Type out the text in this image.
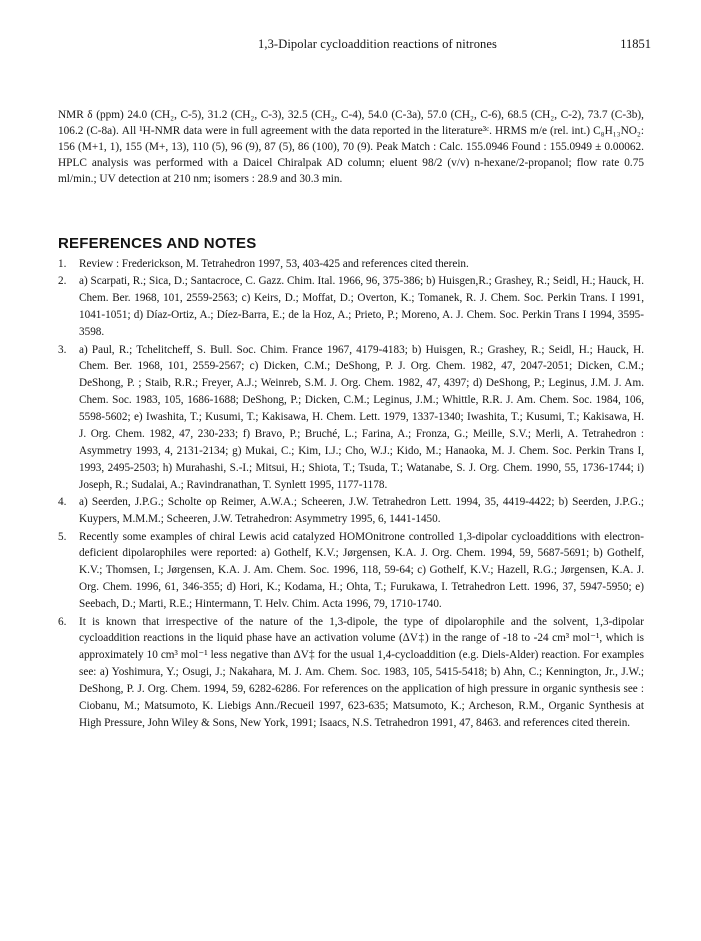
1,3-Dipolar cycloaddition reactions of nitrones	11851

NMR δ (ppm) 24.0 (CH₂, C-5), 31.2 (CH₂, C-3), 32.5 (CH₂, C-4), 54.0 (C-3a), 57.0 (CH₂, C-6), 68.5 (CH₂, C-2), 73.7 (C-3b), 106.2 (C-8a). All ¹H-NMR data were in full agreement with the data reported in the literature³ᶜ. HRMS m/e (rel. int.) C₈H₁₃NO₂: 156 (M+1, 1), 155 (M+, 13), 110 (5), 96 (9), 87 (5), 86 (100), 70 (9). Peak Match : Calc. 155.0946 Found : 155.0949 ± 0.00062. HPLC analysis was performed with a Daicel Chiralpak AD column; eluent 98/2 (v/v) n-hexane/2-propanol; flow rate 0.75 ml/min.; UV detection at 210 nm; isomers : 28.9 and 30.3 min.

REFERENCES AND NOTES
1. Review : Frederickson, M. Tetrahedron 1997, 53, 403-425 and references cited therein.
2. a) Scarpati, R.; Sica, D.; Santacroce, C. Gazz. Chim. Ital. 1966, 96, 375-386; b) Huisgen,R.; Grashey, R.; Seidl, H.; Hauck, H. Chem. Ber. 1968, 101, 2559-2563; c) Keirs, D.; Moffat, D.; Overton, K.; Tomanek, R. J. Chem. Soc. Perkin Trans. I 1991, 1041-1051; d) Díaz-Ortiz, A.; Díez-Barra, E.; de la Hoz, A.; Prieto, P.; Moreno, A. J. Chem. Soc. Perkin Trans I 1994, 3595-3598.
3. a) Paul, R.; Tchelitcheff, S. Bull. Soc. Chim. France 1967, 4179-4183; b) Huisgen, R.; Grashey, R.; Seidl, H.; Hauck, H. Chem. Ber. 1968, 101, 2559-2567; c) Dicken, C.M.; DeShong, P. J. Org. Chem. 1982, 47, 2047-2051; Dicken, C.M.; DeShong, P. ; Staib, R.R.; Freyer, A.J.; Weinreb, S.M. J. Org. Chem. 1982, 47, 4397; d) DeShong, P.; Leginus, J.M. J. Am. Chem. Soc. 1983, 105, 1686-1688; DeShong, P.; Dicken, C.M.; Leginus, J.M.; Whittle, R.R. J. Am. Chem. Soc. 1984, 106, 5598-5602; e) Iwashita, T.; Kusumi, T.; Kakisawa, H. Chem. Lett. 1979, 1337-1340; Iwashita, T.; Kusumi, T.; Kakisawa, H. J. Org. Chem. 1982, 47, 230-233; f) Bravo, P.; Bruché, L.; Farina, A.; Fronza, G.; Meille, S.V.; Merli, A. Tetrahedron : Asymmetry 1993, 4, 2131-2134; g) Mukai, C.; Kim, I.J.; Cho, W.J.; Kido, M.; Hanaoka, M. J. Chem. Soc. Perkin Trans I, 1993, 2495-2503; h) Murahashi, S.-I.; Mitsui, H.; Shiota, T.; Tsuda, T.; Watanabe, S. J. Org. Chem. 1990, 55, 1736-1744; i) Joseph, R.; Sudalai, A.; Ravindranathan, T. Synlett 1995, 1177-1178.
4. a) Seerden, J.P.G.; Scholte op Reimer, A.W.A.; Scheeren, J.W. Tetrahedron Lett. 1994, 35, 4419-4422; b) Seerden, J.P.G.; Kuypers, M.M.M.; Scheeren, J.W. Tetrahedron: Asymmetry 1995, 6, 1441-1450.
5. Recently some examples of chiral Lewis acid catalyzed HOMOnitrone controlled 1,3-dipolar cycloadditions with electron-deficient dipolarophiles were reported: a) Gothelf, K.V.; Jørgensen, K.A. J. Org. Chem. 1994, 59, 5687-5691; b) Gothelf, K.V.; Thomsen, I.; Jørgensen, K.A. J. Am. Chem. Soc. 1996, 118, 59-64; c) Gothelf, K.V.; Hazell, R.G.; Jørgensen, K.A. J. Org. Chem. 1996, 61, 346-355; d) Hori, K.; Kodama, H.; Ohta, T.; Furukawa, I. Tetrahedron Lett. 1996, 37, 5947-5950; e) Seebach, D.; Marti, R.E.; Hintermann, T. Helv. Chim. Acta 1996, 79, 1710-1740.
6. It is known that irrespective of the nature of the 1,3-dipole, the type of dipolarophile and the solvent, 1,3-dipolar cycloaddition reactions in the liquid phase have an activation volume (ΔV‡) in the range of -18 to -24 cm³ mol⁻¹, which is approximately 10 cm³ mol⁻¹ less negative than ΔV‡ for the usual 1,4-cycloaddition (e.g. Diels-Alder) reaction. For examples see: a) Yoshimura, Y.; Osugi, J.; Nakahara, M. J. Am. Chem. Soc. 1983, 105, 5415-5418; b) Ahn, C.; Kennington, Jr., J.W.; DeShong, P. J. Org. Chem. 1994, 59, 6282-6286. For references on the application of high pressure in organic synthesis see : Ciobanu, M.; Matsumoto, K. Liebigs Ann./Recueil 1997, 623-635; Matsumoto, K.; Archeson, R.M., Organic Synthesis at High Pressure, John Wiley & Sons, New York, 1991; Isaacs, N.S. Tetrahedron 1991, 47, 8463. and references cited therein.
